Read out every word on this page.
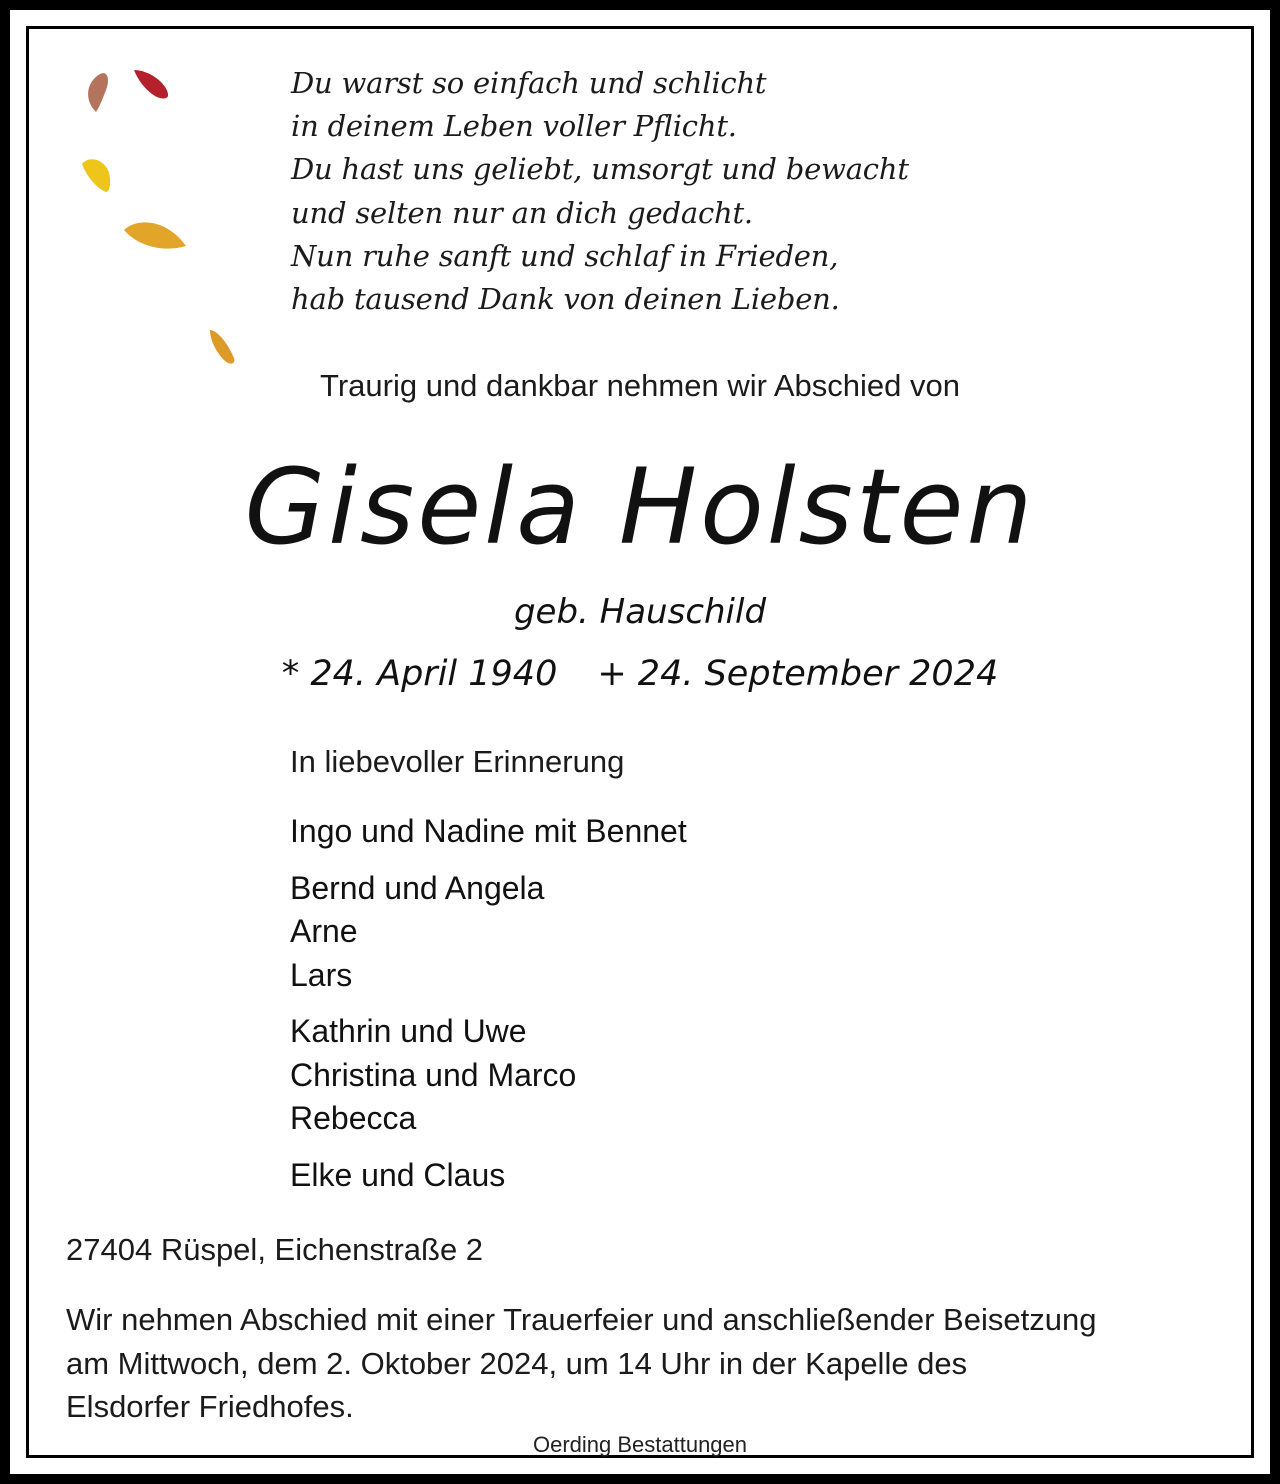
Du warst so einfach und schlicht
in deinem Leben voller Pflicht.
Du hast uns geliebt, umsorgt und bewacht
und selten nur an dich gedacht.
Nun ruhe sanft und schlaf in Frieden,
hab tausend Dank von deinen Lieben.
Traurig und dankbar nehmen wir Abschied von
Gisela Holsten
geb. Hauschild
* 24. April 1940 + 24. September 2024
In liebevoller Erinnerung
Ingo und Nadine mit Bennet
Bernd und Angela
Arne
Lars
Kathrin und Uwe
Christina und Marco
Rebecca
Elke und Claus
27404 Rüspel, Eichenstraße 2
Wir nehmen Abschied mit einer Trauerfeier und anschließender Beisetzung
am Mittwoch, dem 2. Oktober 2024, um 14 Uhr in der Kapelle des
Elsdorfer Friedhofes.
Oerding Bestattungen
